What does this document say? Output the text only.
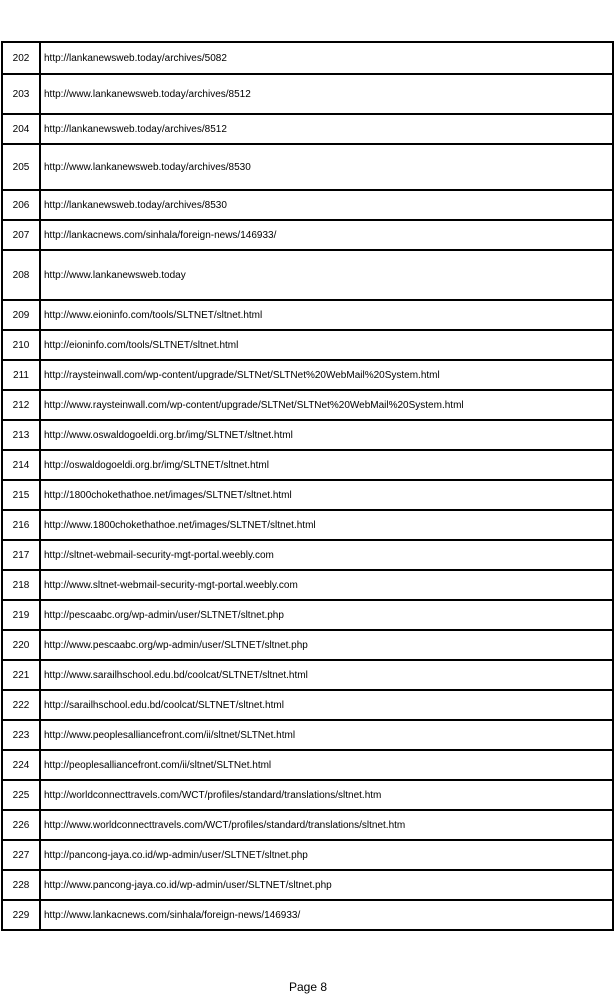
202	http://lankanewsweb.today/archives/5082
203	http://www.lankanewsweb.today/archives/8512
204	http://lankanewsweb.today/archives/8512
205	http://www.lankanewsweb.today/archives/8530
206	http://lankanewsweb.today/archives/8530
207	http://lankacnews.com/sinhala/foreign-news/146933/
208	http://www.lankanewsweb.today
209	http://www.eioninfo.com/tools/SLTNET/sltnet.html
210	http://eioninfo.com/tools/SLTNET/sltnet.html
211	http://raysteinwall.com/wp-content/upgrade/SLTNet/SLTNet%20WebMail%20System.html
212	http://www.raysteinwall.com/wp-content/upgrade/SLTNet/SLTNet%20WebMail%20System.html
213	http://www.oswaldogoeldi.org.br/img/SLTNET/sltnet.html
214	http://oswaldogoeldi.org.br/img/SLTNET/sltnet.html
215	http://1800chokethathoe.net/images/SLTNET/sltnet.html
216	http://www.1800chokethathoe.net/images/SLTNET/sltnet.html
217	http://sltnet-webmail-security-mgt-portal.weebly.com
218	http://www.sltnet-webmail-security-mgt-portal.weebly.com
219	http://pescaabc.org/wp-admin/user/SLTNET/sltnet.php
220	http://www.pescaabc.org/wp-admin/user/SLTNET/sltnet.php
221	http://www.sarailhschool.edu.bd/coolcat/SLTNET/sltnet.html
222	http://sarailhschool.edu.bd/coolcat/SLTNET/sltnet.html
223	http://www.peoplesalliancefront.com/ii/sltnet/SLTNet.html
224	http://peoplesalliancefront.com/ii/sltnet/SLTNet.html
225	http://worldconnecttravels.com/WCT/profiles/standard/translations/sltnet.htm
226	http://www.worldconnecttravels.com/WCT/profiles/standard/translations/sltnet.htm
227	http://pancong-jaya.co.id/wp-admin/user/SLTNET/sltnet.php
228	http://www.pancong-jaya.co.id/wp-admin/user/SLTNET/sltnet.php
229	http://www.lankacnews.com/sinhala/foreign-news/146933/
Page 8
